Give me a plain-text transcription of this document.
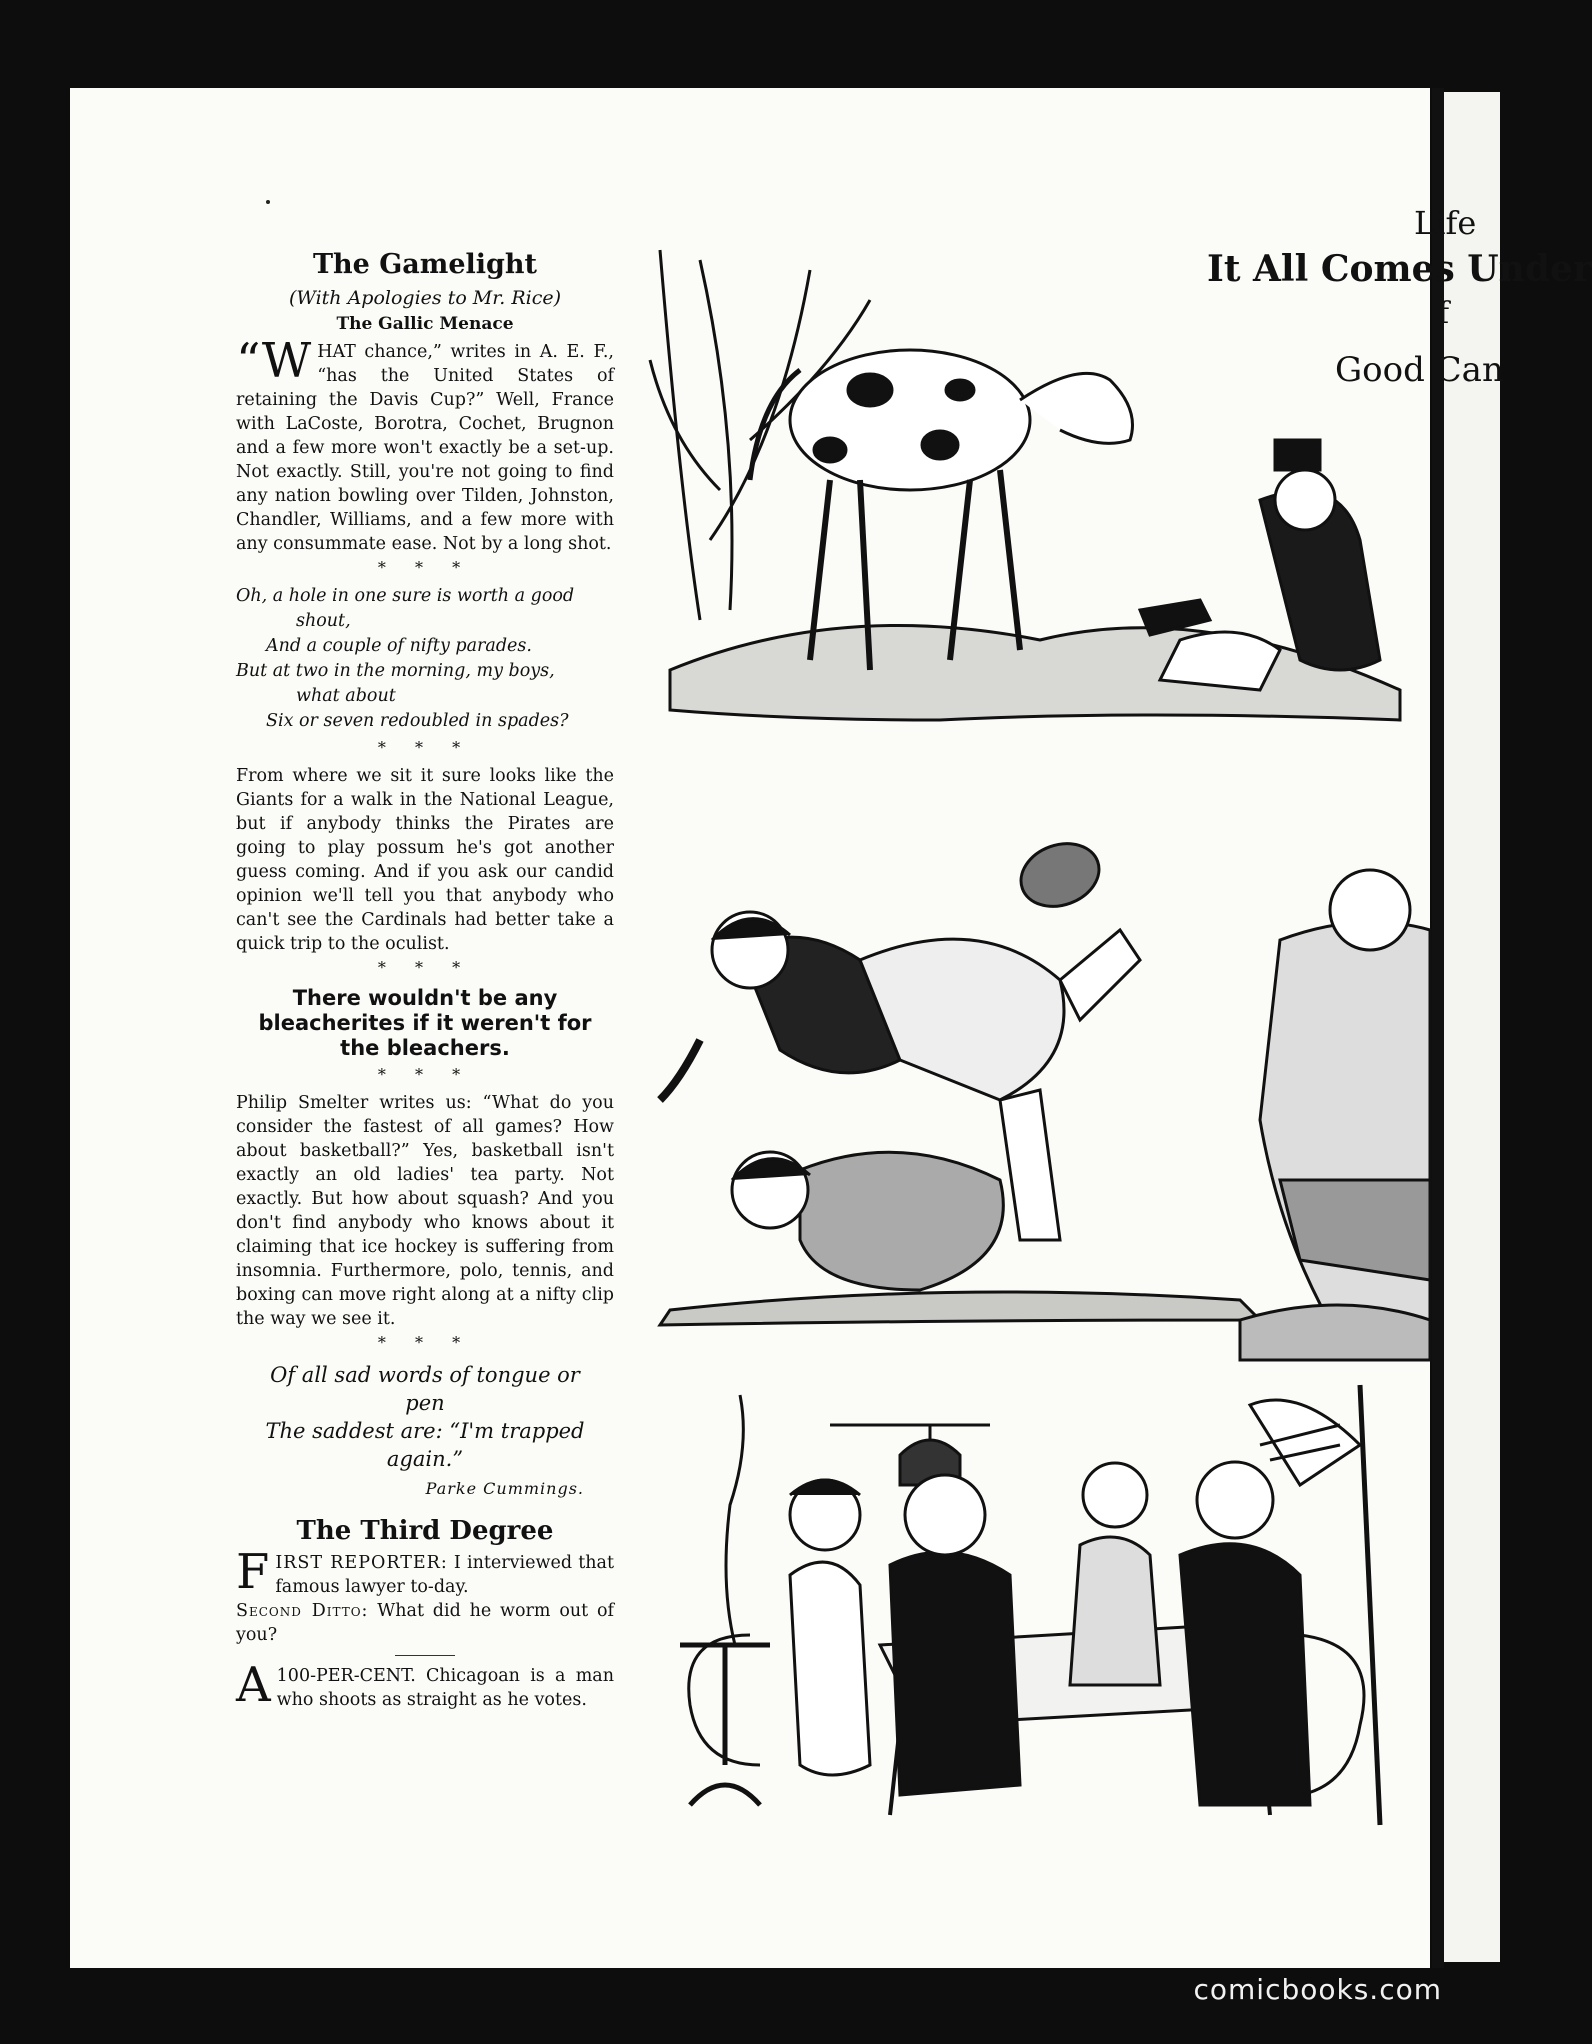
Life
It All Comes Under
f
Good Can
The Gamelight
(With Apologies to Mr. Rice)
The Gallic Menace

“WHAT chance,” writes in A. E. F., “has the United States of retaining the Davis Cup?” Well, France with LaCoste, Borotra, Cochet, Brugnon and a few more won't exactly be a set-up. Not exactly. Still, you're not going to find any nation bowling over Tilden, Johnston, Chandler, Williams, and a few more with any consummate ease. Not by a long shot.

* * *
Oh, a hole in one sure is worth a good
shout,
And a couple of nifty parades.
But at two in the morning, my boys,
what about
Six or seven redoubled in spades?
* * *

From where we sit it sure looks like the Giants for a walk in the National League, but if anybody thinks the Pirates are going to play possum he's got another guess coming. And if you ask our candid opinion we'll tell you that anybody who can't see the Cardinals had better take a quick trip to the oculist.

* * *
There wouldn't be any bleacherites if it weren't for the bleachers.
* * *

Philip Smelter writes us: “What do you consider the fastest of all games? How about basketball?” Yes, basketball isn't exactly an old ladies' tea party. Not exactly. But how about squash? And you don't find anybody who knows about it claiming that ice hockey is suffering from insomnia. Furthermore, polo, tennis, and boxing can move right along at a nifty clip the way we see it.

* * *
Of all sad words of tongue or
pen
The saddest are: “I'm trapped
again.”
Parke Cummings.
The Third Degree

FIRST REPORTER: I interviewed that famous lawyer to-day.
Second Ditto: What did he worm out of you?

A 100-PER-CENT. Chicagoan is a man who shoots as straight as he votes.

comicbooks.com
